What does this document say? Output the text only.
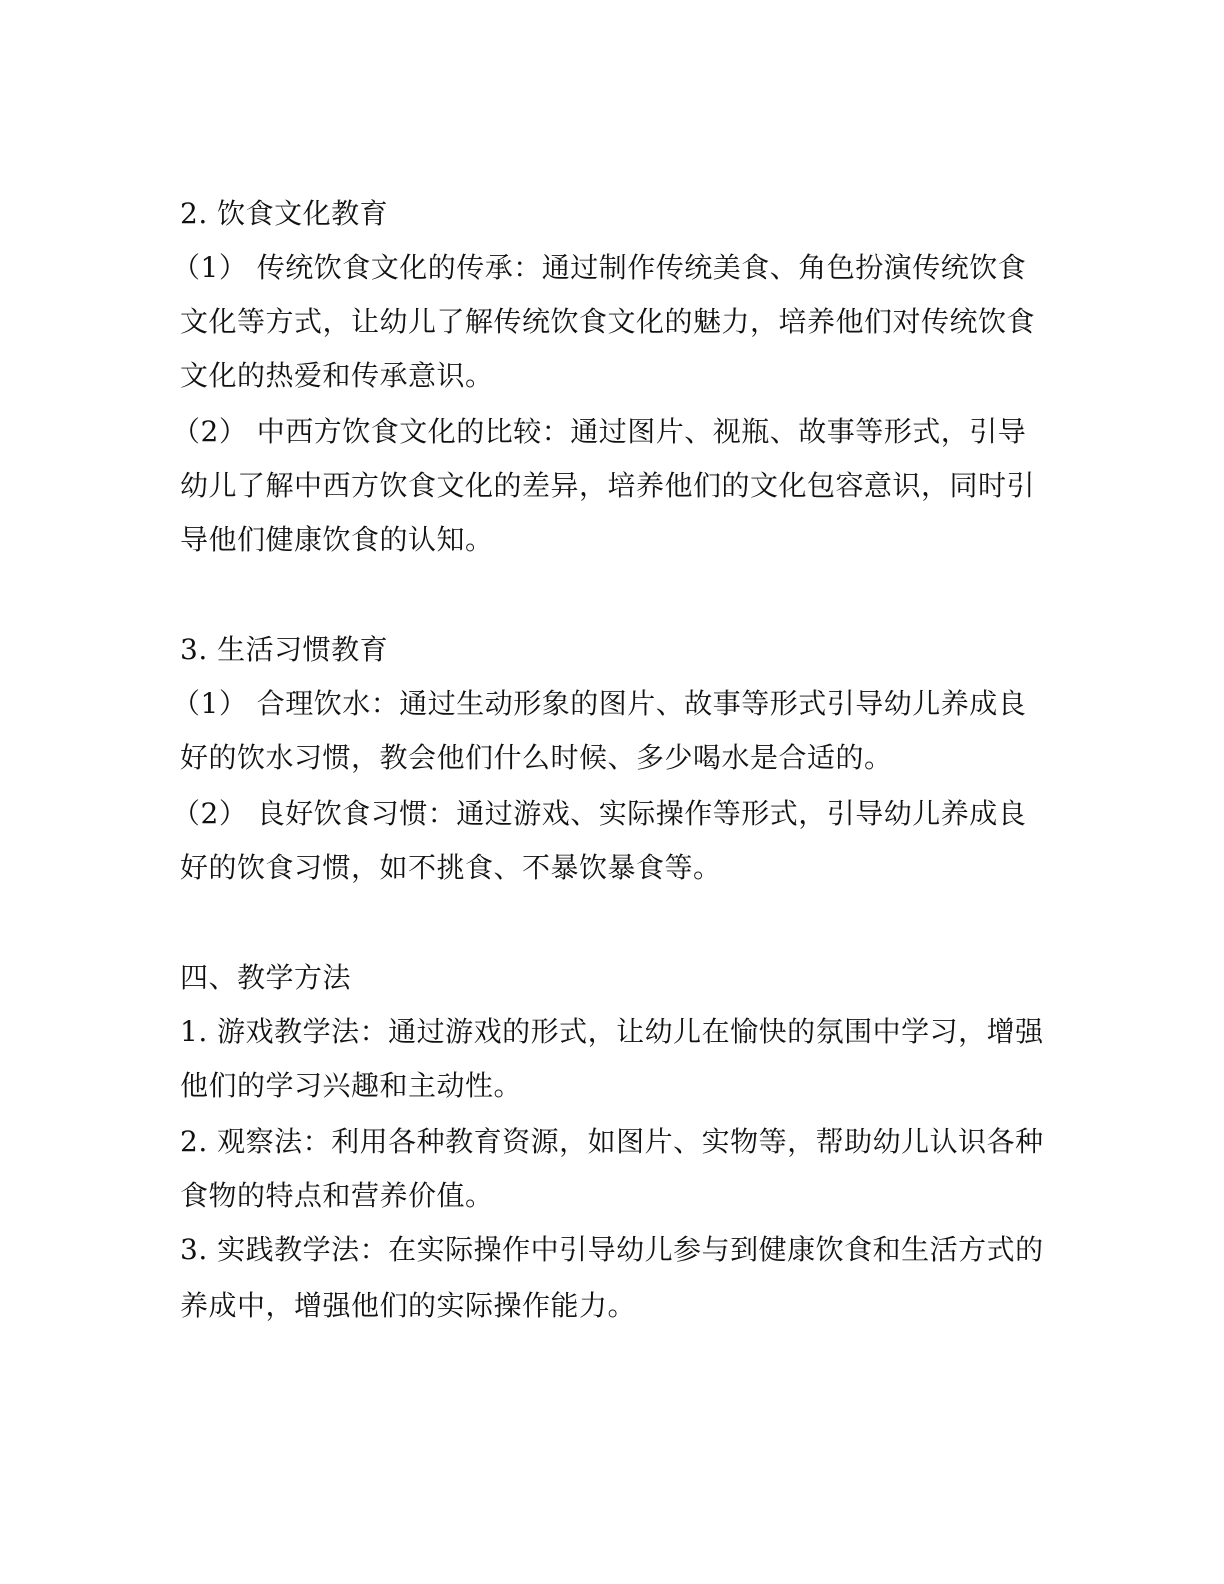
2. 饮食文化教育
（1） 传统饮食文化的传承：通过制作传统美食、角色扮演传统饮食
文化等方式，让幼儿了解传统饮食文化的魅力，培养他们对传统饮食
文化的热爱和传承意识。
（2） 中西方饮食文化的比较：通过图片、视瓶、故事等形式，引导
幼儿了解中西方饮食文化的差异，培养他们的文化包容意识，同时引
导他们健康饮食的认知。
3. 生活习惯教育
（1） 合理饮水：通过生动形象的图片、故事等形式引导幼儿养成良
好的饮水习惯，教会他们什么时候、多少喝水是合适的。
（2） 良好饮食习惯：通过游戏、实际操作等形式，引导幼儿养成良
好的饮食习惯，如不挑食、不暴饮暴食等。
四、教学方法
1. 游戏教学法：通过游戏的形式，让幼儿在愉快的氛围中学习，增强
他们的学习兴趣和主动性。
2. 观察法：利用各种教育资源，如图片、实物等，帮助幼儿认识各种
食物的特点和营养价值。
3. 实践教学法：在实际操作中引导幼儿参与到健康饮食和生活方式的
养成中，增强他们的实际操作能力。
